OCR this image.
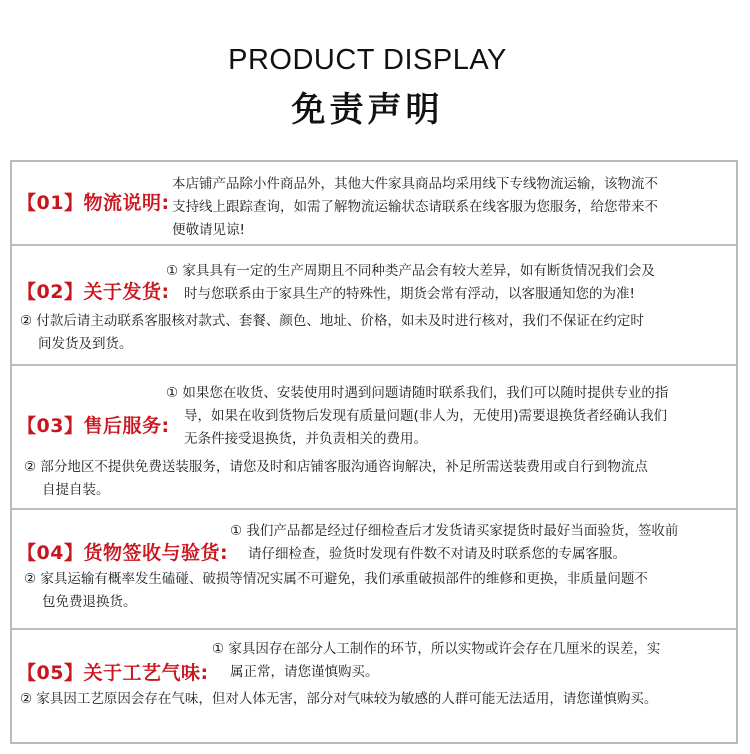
PRODUCT DISPLAY
免责声明
【01】物流说明:
本店铺产品除小件商品外，其他大件家具商品均采用线下专线物流运输，该物流不
支持线上跟踪查询，如需了解物流运输状态请联系在线客服为您服务，给您带来不
便敬请见谅!
【02】关于发货:
① 家具具有一定的生产周期且不同种类产品会有较大差异，如有断货情况我们会及
时与您联系由于家具生产的特殊性，期货会常有浮动，以客服通知您的为准!
② 付款后请主动联系客服核对款式、套餐、颜色、地址、价格，如未及时进行核对，我们不保证在约定时
间发货及到货。
【03】售后服务:
① 如果您在收货、安装使用时遇到问题请随时联系我们，我们可以随时提供专业的指
导，如果在收到货物后发现有质量问题(非人为，无使用)需要退换货者经确认我们
无条件接受退换货，并负责相关的费用。
② 部分地区不提供免费送装服务，请您及时和店铺客服沟通咨询解决，补足所需送装费用或自行到物流点
自提自装。
【04】货物签收与验货:
① 我们产品都是经过仔细检查后才发货请买家提货时最好当面验货，签收前
请仔细检查，验货时发现有件数不对请及时联系您的专属客服。
② 家具运输有概率发生磕碰、破损等情况实属不可避免，我们承重破损部件的维修和更换，非质量问题不
包免费退换货。
【05】关于工艺气味:
① 家具因存在部分人工制作的环节，所以实物或许会存在几厘米的误差，实
属正常，请您谨慎购买。
② 家具因工艺原因会存在气味，但对人体无害，部分对气味较为敏感的人群可能无法适用，请您谨慎购买。
